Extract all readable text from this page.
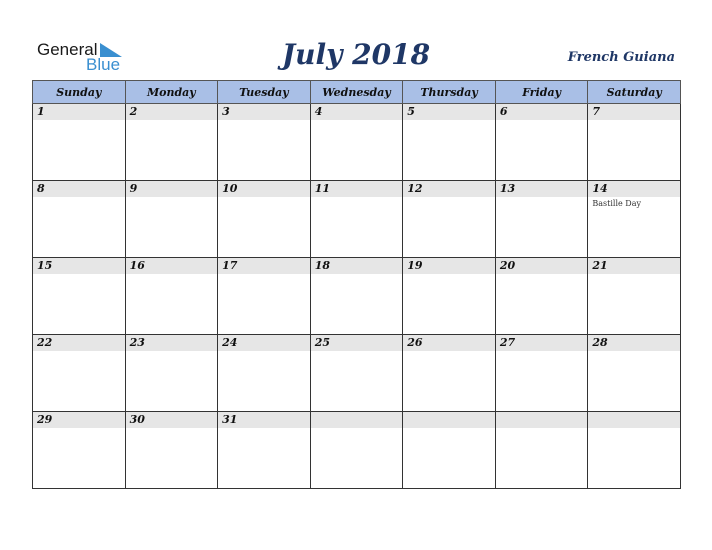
General
Blue	July 2018	French Guiana
Sunday	Monday	Tuesday	Wednesday	Thursday	Friday	Saturday

1	2	3	4	5	6	7

8	9	10	11	12	13	14
Bastille Day

15	16	17	18	19	20	21

22	23	24	25	26	27	28

29	30	31				
